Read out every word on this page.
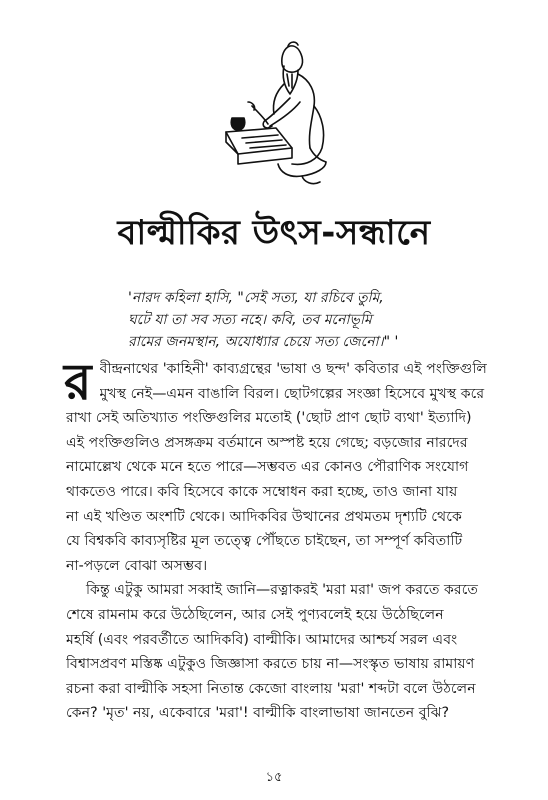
বাল্মীকির উৎস-সন্ধানে
'নারদ কহিলা হাসি, "সেই সত্য, যা রচিবে তুমি,
ঘটে যা তা সব সত্য নহে। কবি, তব মনোভূমি
রামের জনমস্থান, অযোধ্যার চেয়ে সত্য জেনো।" '
র বীন্দ্রনাথের 'কাহিনী' কাব্যগ্রন্থের 'ভাষা ও ছন্দ' কবিতার এই পংক্তিগুলি
মুখস্থ নেই—এমন বাঙালি বিরল। ছোটগল্পের সংজ্ঞা হিসেবে মুখস্থ করে
রাখা সেই অতিখ্যাত পংক্তিগুলির মতোই ('ছোট প্রাণ ছোট ব্যথা' ইত্যাদি)
এই পংক্তিগুলিও প্রসঙ্গক্রম বর্তমানে অস্পষ্ট হয়ে গেছে; বড়জোর নারদের
নামোল্লেখ থেকে মনে হতে পারে—সম্ভবত এর কোনও পৌরাণিক সংযোগ
থাকতেও পারে। কবি হিসেবে কাকে সম্বোধন করা হচ্ছে, তাও জানা যায়
না এই খণ্ডিত অংশটি থেকে। আদিকবির উত্থানের প্রথমতম দৃশ্যটি থেকে
যে বিশ্বকবি কাব্যসৃষ্টির মূল তত্ত্বে পৌঁছতে চাইছেন, তা সম্পূর্ণ কবিতাটি
না-পড়লে বোঝা অসম্ভব।
কিন্তু এটুকু আমরা সব্বাই জানি—রত্নাকরই 'মরা মরা' জপ করতে করতে
শেষে রামনাম করে উঠেছিলেন, আর সেই পুণ্যবলেই হয়ে উঠেছিলেন
মহর্ষি (এবং পরবর্তীতে আদিকবি) বাল্মীকি। আমাদের আশ্চর্য সরল এবং
বিশ্বাসপ্রবণ মস্তিষ্ক এটুকুও জিজ্ঞাসা করতে চায় না—সংস্কৃত ভাষায় রামায়ণ
রচনা করা বাল্মীকি সহসা নিতান্ত কেজো বাংলায় 'মরা' শব্দটা বলে উঠলেন
কেন? 'মৃত' নয়, একেবারে 'মরা'! বাল্মীকি বাংলাভাষা জানতেন বুঝি?
১৫
